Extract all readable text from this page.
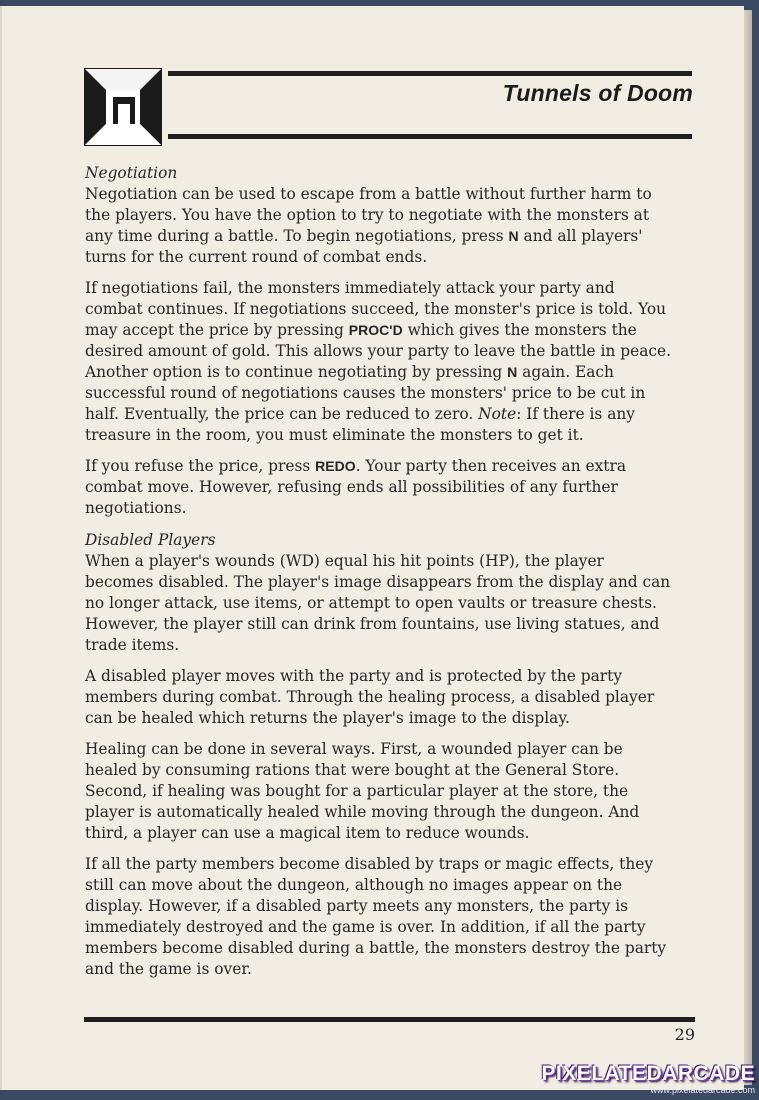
Tunnels of Doom
Negotiation

Negotiation can be used to escape from a battle without further harm to the players. You have the option to try to negotiate with the monsters at any time during a battle. To begin negotiations, press N and all players' turns for the current round of combat ends.

If negotiations fail, the monsters immediately attack your party and combat continues. If negotiations succeed, the monster's price is told. You may accept the price by pressing PROC'D which gives the monsters the desired amount of gold. This allows your party to leave the battle in peace. Another option is to continue negotiating by pressing N again. Each successful round of negotiations causes the monsters' price to be cut in half. Eventually, the price can be reduced to zero. Note: If there is any treasure in the room, you must eliminate the monsters to get it.

If you refuse the price, press REDO. Your party then receives an extra combat move. However, refusing ends all possibilities of any further negotiations.

Disabled Players

When a player's wounds (WD) equal his hit points (HP), the player becomes disabled. The player's image disappears from the display and can no longer attack, use items, or attempt to open vaults or treasure chests. However, the player still can drink from fountains, use living statues, and trade items.

A disabled player moves with the party and is protected by the party members during combat. Through the healing process, a disabled player can be healed which returns the player's image to the display.

Healing can be done in several ways. First, a wounded player can be healed by consuming rations that were bought at the General Store. Second, if healing was bought for a particular player at the store, the player is automatically healed while moving through the dungeon. And third, a player can use a magical item to reduce wounds.

If all the party members become disabled by traps or magic effects, they still can move about the dungeon, although no images appear on the display. However, if a disabled party meets any monsters, the party is immediately destroyed and the game is over. In addition, if all the party members become disabled during a battle, the monsters destroy the party and the game is over.

29
PIXELATEDARCADE
www.pixelatedarcade.com
